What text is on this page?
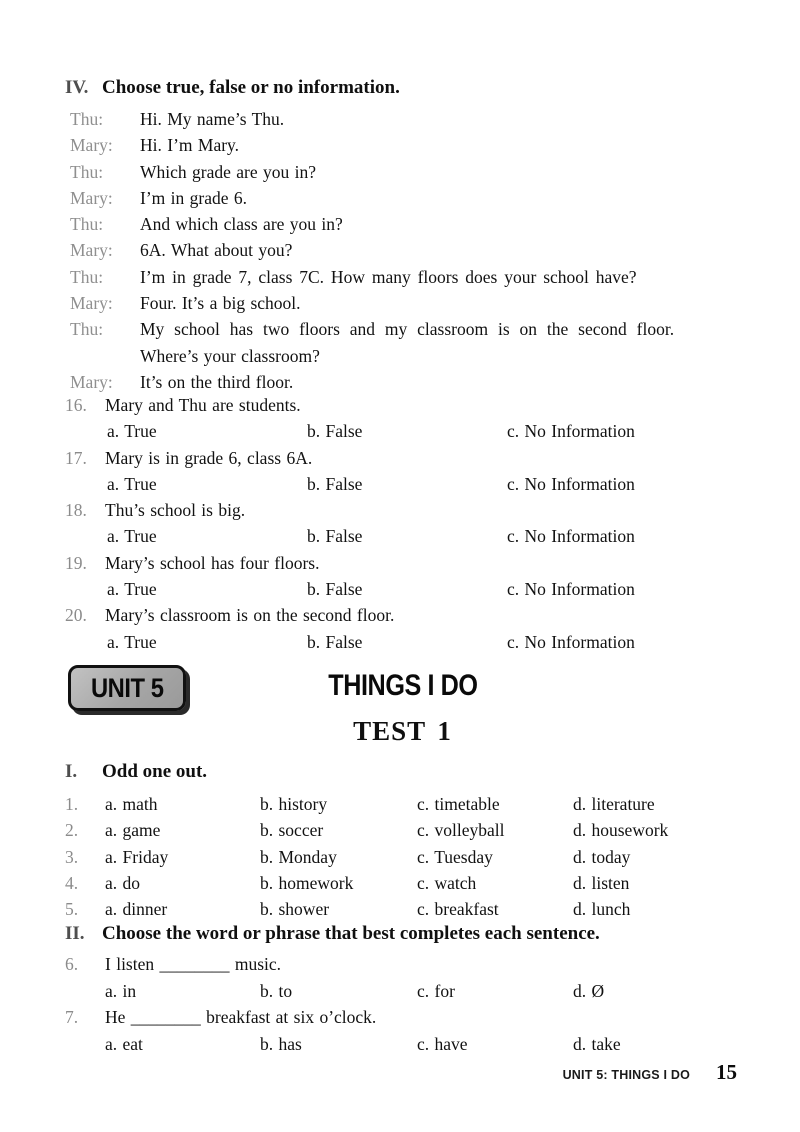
IV. Choose true, false or no information.
Thu:	Hi. My name’s Thu.
Mary:	Hi. I’m Mary.
Thu:	Which grade are you in?
Mary:	I’m in grade 6.
Thu:	And which class are you in?
Mary:	6A. What about you?
Thu:	I’m in grade 7, class 7C. How many floors does your school have?
Mary:	Four. It’s a big school.
Thu:	My school has two floors and my classroom is on the second floor.
Where’s your classroom?
Mary:	It’s on the third floor.
16.	Mary and Thu are students.
a. True	b. False	c. No Information
17.	Mary is in grade 6, class 6A.
a. True	b. False	c. No Information
18.	Thu’s school is big.
a. True	b. False	c. No Information
19.	Mary’s school has four floors.
a. True	b. False	c. No Information
20.	Mary’s classroom is on the second floor.
a. True	b. False	c. No Information
UNIT 5	THINGS I DO
TEST 1
I.	Odd one out.
1.	a. math	b. history	c. timetable	d. literature
2.	a. game	b. soccer	c. volleyball	d. housework
3.	a. Friday	b. Monday	c. Tuesday	d. today
4.	a. do	b. homework	c. watch	d. listen
5.	a. dinner	b. shower	c. breakfast	d. lunch
II. Choose the word or phrase that best completes each sentence.
6.	I listen ________ music.
a. in	b. to	c. for	d. Ø
7.	He ________ breakfast at six o’clock.
a. eat	b. has	c. have	d. take
UNIT 5: THINGS I DO 15
